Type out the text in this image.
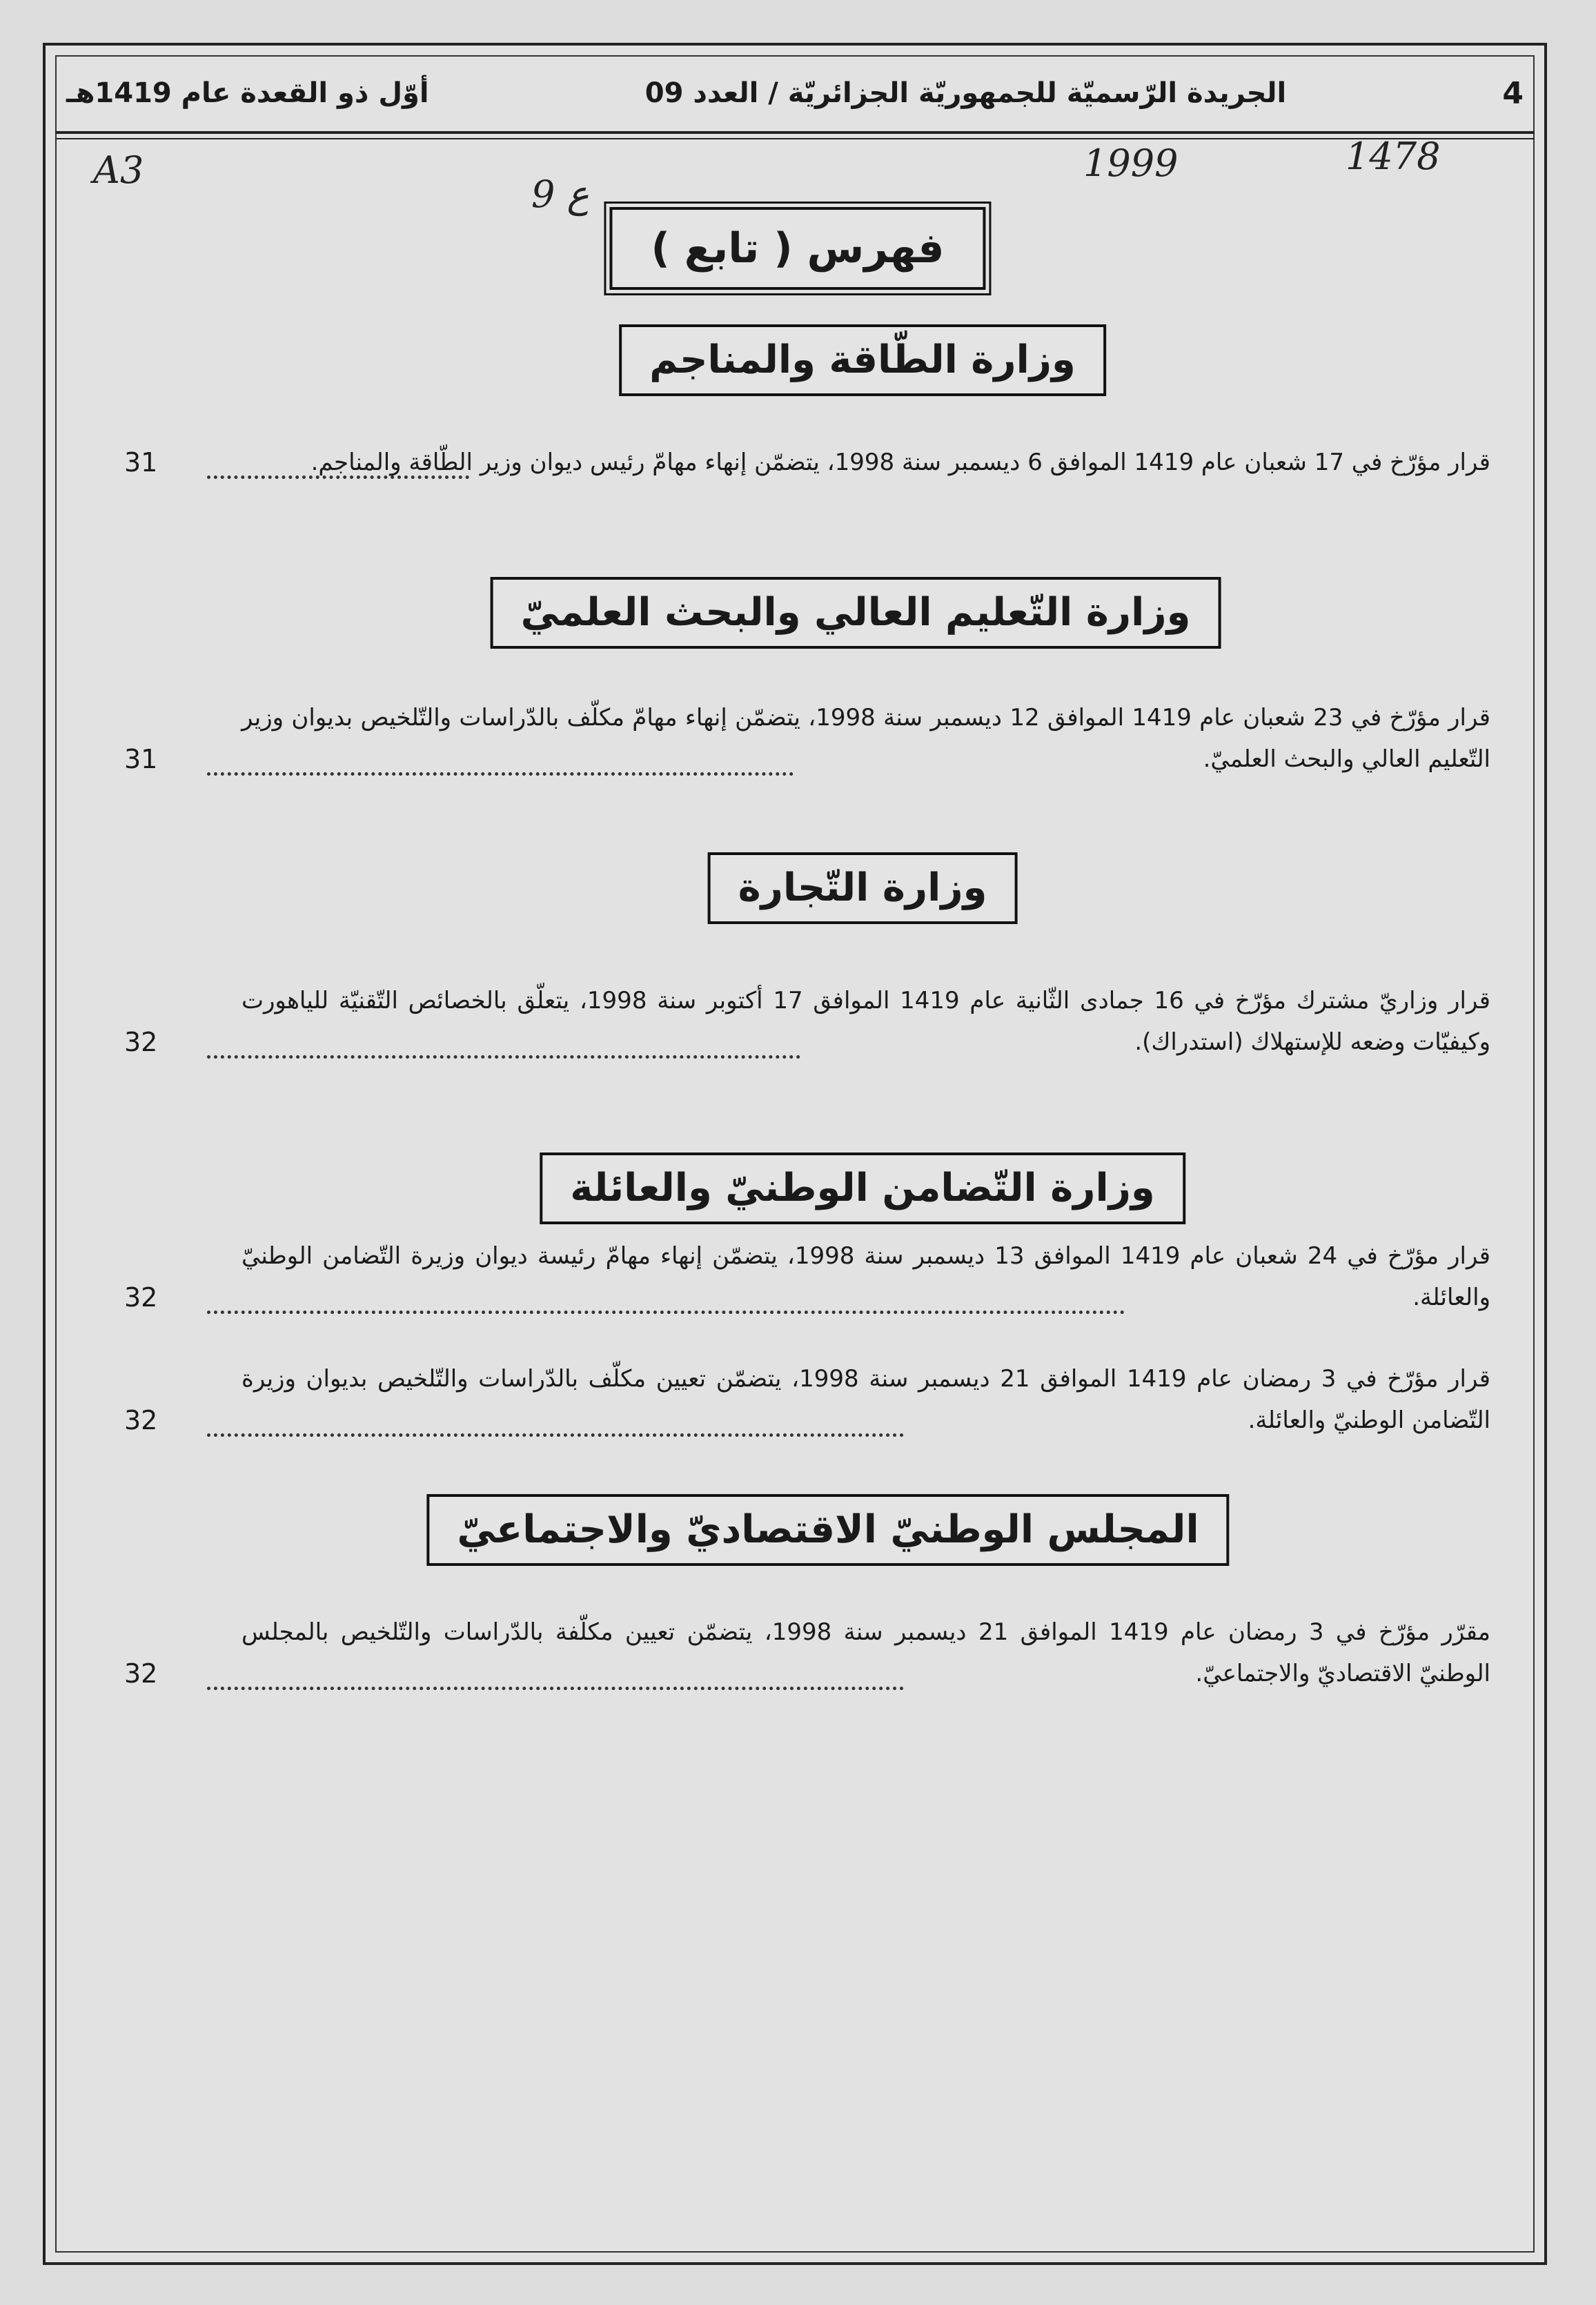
4
الجريدة الرّسميّة للجمهوريّة الجزائريّة / العدد 09
أوّل ذو القعدة عام 1419هـ
A3
9 ع
1999	1478
فهرس ( تابع )
وزارة الطّاقة والمناجم
قرار مؤرّخ في 17 شعبان عام 1419 الموافق 6 ديسمبر سنة 1998، يتضمّن إنهاء مهامّ رئيس ديوان وزير الطّاقة والمناجم.
31
وزارة التّعليم العالي والبحث العلميّ
قرار مؤرّخ في 23 شعبان عام 1419 الموافق 12 ديسمبر سنة 1998، يتضمّن إنهاء مهامّ مكلّف بالدّراسات والتّلخيص بديوان وزير التّعليم العالي والبحث العلميّ.
31
وزارة التّجارة
قرار وزاريّ مشترك مؤرّخ في 16 جمادى الثّانية عام 1419 الموافق 17 أكتوبر سنة 1998، يتعلّق بالخصائص التّقنيّة للياهورت وكيفيّات وضعه للإستهلاك (استدراك).
32
وزارة التّضامن الوطنيّ والعائلة
قرار مؤرّخ في 24 شعبان عام 1419 الموافق 13 ديسمبر سنة 1998، يتضمّن إنهاء مهامّ رئيسة ديوان وزيرة التّضامن الوطنيّ والعائلة.
32
قرار مؤرّخ في 3 رمضان عام 1419 الموافق 21 ديسمبر سنة 1998، يتضمّن تعيين مكلّف بالدّراسات والتّلخيص بديوان وزيرة التّضامن الوطنيّ والعائلة.
32
المجلس الوطنيّ الاقتصاديّ والاجتماعيّ
مقرّر مؤرّخ في 3 رمضان عام 1419 الموافق 21 ديسمبر سنة 1998، يتضمّن تعيين مكلّفة بالدّراسات والتّلخيص بالمجلس الوطنيّ الاقتصاديّ والاجتماعيّ.
32
